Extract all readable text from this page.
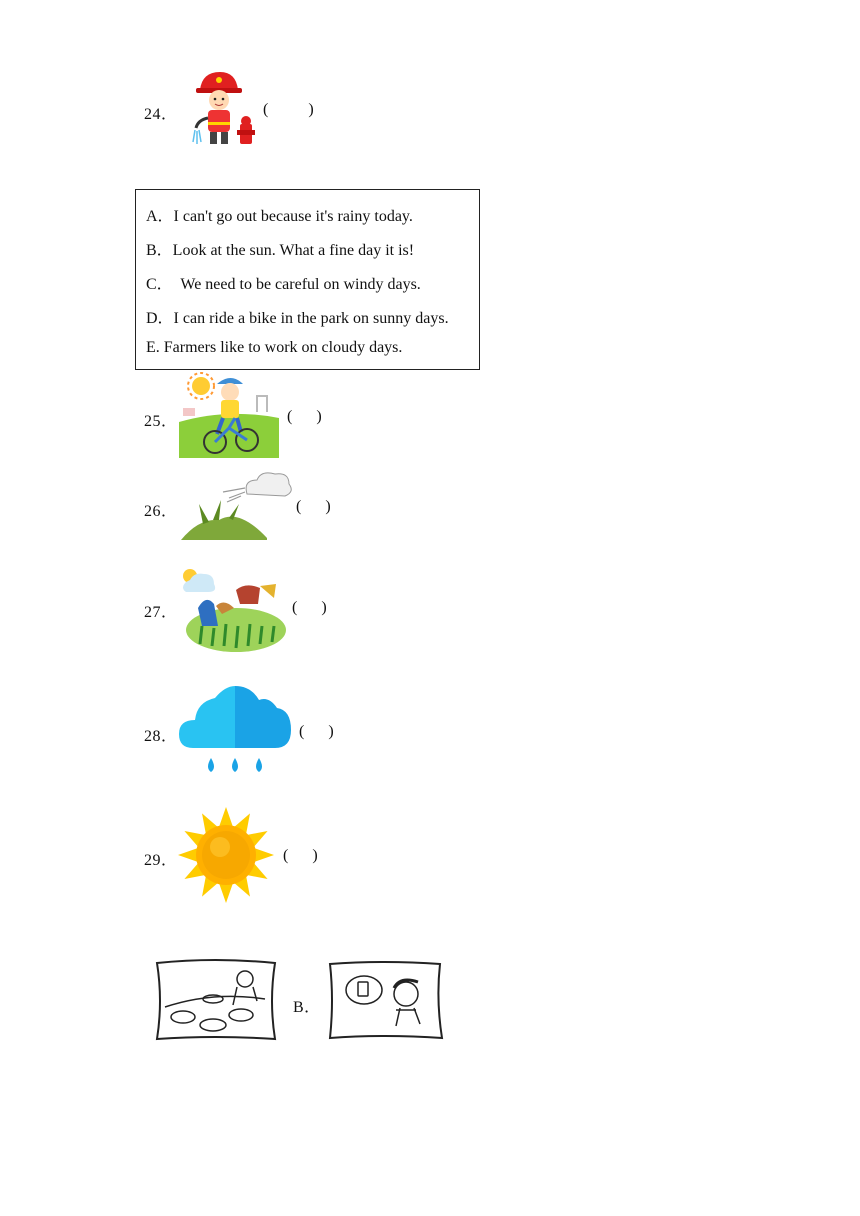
24．	(          )
A．I can't go out because it's rainy today.
B．Look at the sun. What a fine day it is!
C．  We need to be careful on windy days.
D．I can ride a bike in the park on sunny days.
E. Farmers like to work on cloudy days.
25．	(      )
26．	(      )
27．	(      )
28．	(      )
29．	(      )
B．
